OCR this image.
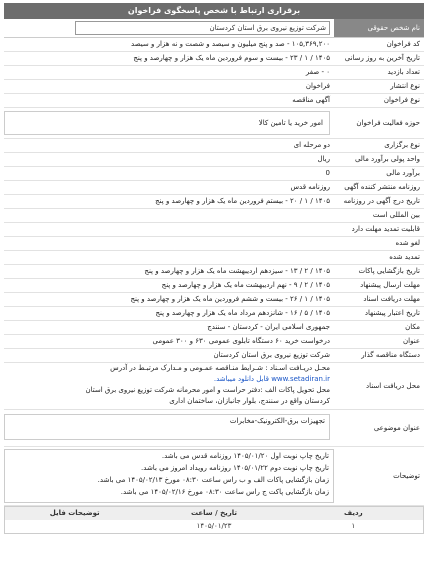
برقراری ارتباط با شخص پاسخگوی فراخوان
نام شخص حقوقی
شرکت توزیع نیروی برق استان کردستان
کد فراخوان
۱۰۵,۳۶۹,۲۰۰ - صد و پنج میلیون و سیصد و شصت و نه هزار و سیصد
تاریخ آخرین به روز رسانی
۱۴۰۵ / ۱ / ۲۳ - بیست و سوم فروردین ماه یک هزار و چهارصد و پنج
تعداد بازدید
۰ - صفر
نوع انتشار
فراخوان
نوع فراخوان
آگهی مناقصه
حوزه فعالیت فراخوان
امور خرید یا تامین کالا
نوع برگزاری
دو مرحله ای
واحد پولی برآورد مالی
ریال
برآورد مالی
0
روزنامه منتشر کننده آگهی
روزنامه قدس
تاریخ درج آگهی در روزنامه
۱۴۰۵ / ۱ / ۲۰ - بیستم فروردین ماه یک هزار و چهارصد و پنج
بین المللی است
قابلیت تمدید مهلت دارد
لغو شده
تمدید شده
تاریخ بازگشایی پاکات
۱۴۰۵ / ۲ / ۱۳ - سیزدهم اردیبهشت ماه یک هزار و چهارصد و پنج
مهلت ارسال پیشنهاد
۱۴۰۵ / ۲ / ۹ - نهم اردیبهشت ماه یک هزار و چهارصد و پنج
مهلت دریافت اسناد
۱۴۰۵ / ۱ / ۲۶ - بیست و ششم فروردین ماه یک هزار و چهارصد و پنج
تاریخ اعتبار پیشنهاد
۱۴۰۵ / ۵ / ۱۶ - شانزدهم مرداد ماه یک هزار و چهارصد و پنج
مکان
جمهوری اسلامی ایران - کردستان - سنندج
عنوان
درخواست خرید ۶۰ دستگاه تابلوی عمومی ۶۳۰ و ۳۰۰ عمومی
دستگاه مناقصه گذار
شرکت توزیع نیروی برق استان کردستان
محل دریافت اسناد
محـل دریـافت اسـناد : شـرایط منـاقصه عمـومی و مـدارک مرتبـط در آدرس
www.setadiran.ir قابل دانلود میباشد.
محل تحویل پاکات الف :دفتر حراست و امور محرمانه شرکت توزیع نیروی برق استان
کردستان واقع در سنندج، بلوار جانبازان، ساختمان اداری
عنوان موضوعی
تجهیزات برق-الکترونیک-مخابرات
توضیحات
تاریخ چاپ نوبت اول ۱۴۰۵/۰۱/۲۰ روزنامه قدس می باشد.
تاریخ چاپ نوبت دوم ۱۴۰۵/۰۱/۲۲ روزنامه رویداد امروز می باشد.
زمان بازگشایی پاکات الف و ب راس ساعت ۰۸:۳۰ مورخ ۱۴۰۵/۰۲/۱۳ می باشد.
زمان بازگشایی پاکت ج راس ساعت ۰۸:۳۰ مورخ ۱۴۰۵/۰۲/۱۶ می باشد.
ردیف
تاریخ / ساعت
توضیحات فایل
۱
۱۴۰۵/۰۱/۲۳
